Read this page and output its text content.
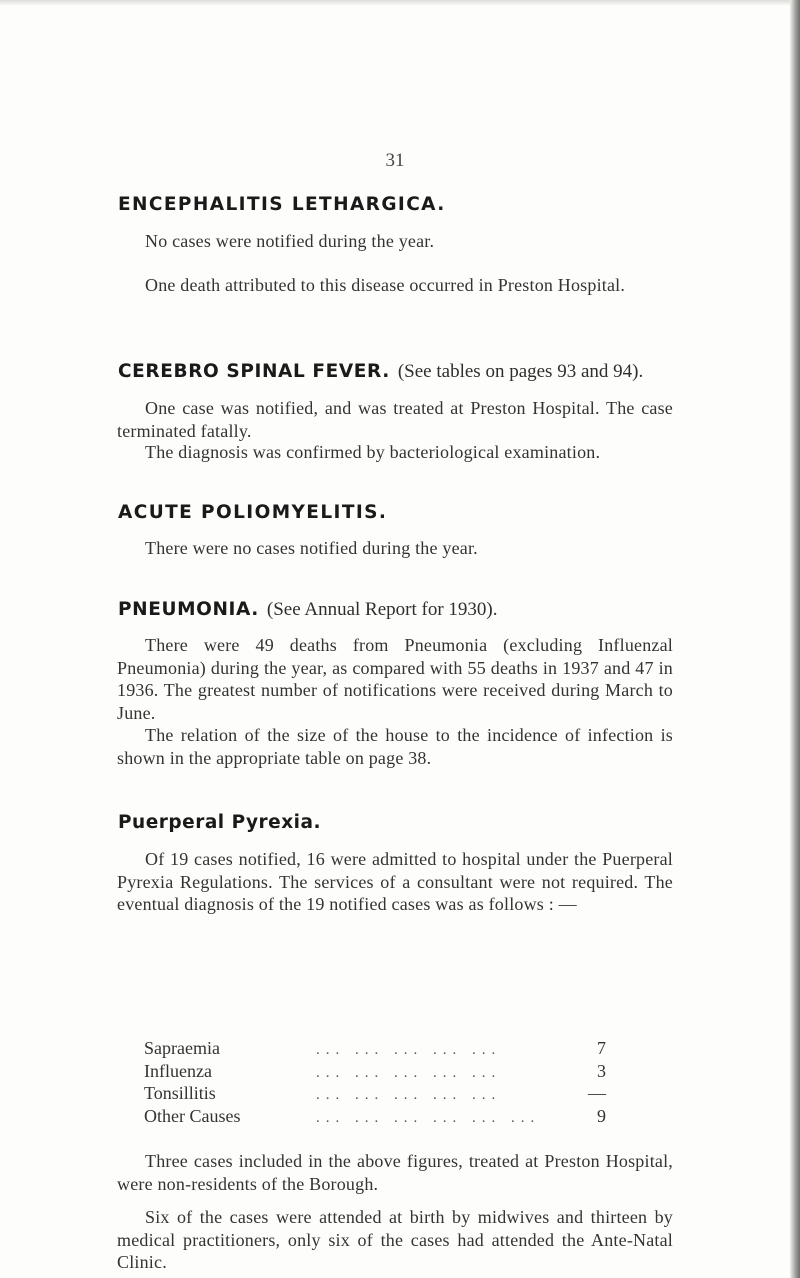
31
ENCEPHALITIS LETHARGICA.
No cases were notified during the year.
One death attributed to this disease occurred in Preston Hospital.
CEREBRO SPINAL FEVER. (See tables on pages 93 and 94).
One case was notified, and was treated at Preston Hospital. The case terminated fatally.
The diagnosis was confirmed by bacteriological examination.
ACUTE POLIOMYELITIS.
There were no cases notified during the year.
PNEUMONIA. (See Annual Report for 1930).
There were 49 deaths from Pneumonia (excluding Influenzal Pneumonia) during the year, as compared with 55 deaths in 1937 and 47 in 1936. The greatest number of notifications were received during March to June.
The relation of the size of the house to the incidence of infection is shown in the appropriate table on page 38.
Puerperal Pyrexia.
Of 19 cases notified, 16 were admitted to hospital under the Puerperal Pyrexia Regulations. The services of a consultant were not required. The eventual diagnosis of the 19 notified cases was as follows : —
Sapraemia	... ... ... ... ...	7
Influenza	... ... ... ... ...	3
Tonsillitis	... ... ... ... ...	—
Other Causes	... ... ... ... ... ...	9
Three cases included in the above figures, treated at Preston Hospital, were non-residents of the Borough.
Six of the cases were attended at birth by midwives and thirteen by medical practitioners, only six of the cases had attended the Ante-Natal Clinic.
